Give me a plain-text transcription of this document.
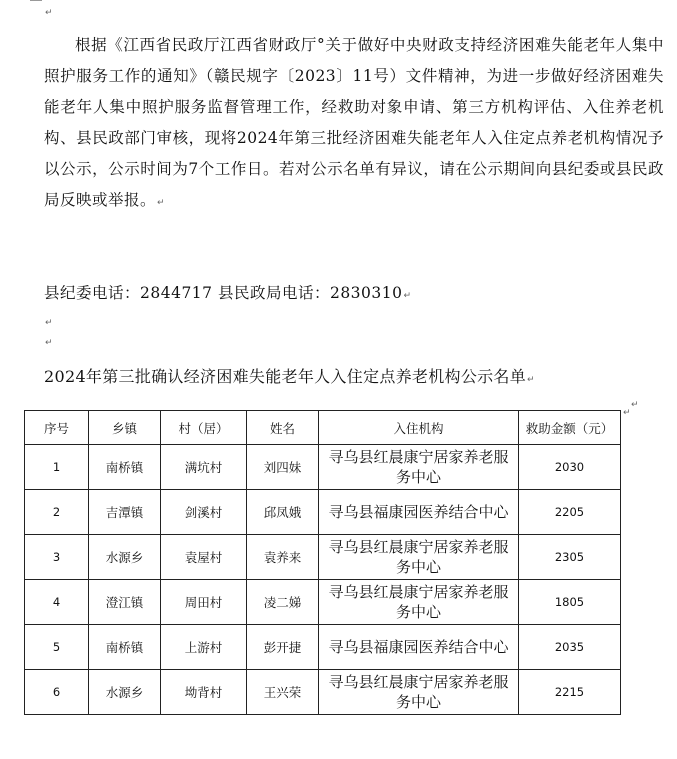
↵
根据《江西省民政厅江西省财政厅°关于做好中央财政支持经济困难失能老年人集中照护服务工作的通知》（赣民规字〔2023〕11号）文件精神，为进一步做好经济困难失能老年人集中照护服务监督管理工作，经救助对象申请、第三方机构评估、入住养老机构、县民政部门审核，现将2024年第三批经济困难失能老年人入住定点养老机构情况予以公示，公示时间为7个工作日。若对公示名单有异议，请在公示期间向县纪委或县民政局反映或举报。↵
县纪委电话：2844717 县民政局电话：2830310↵
↵
↵
2024年第三批确认经济困难失能老年人入住定点养老机构公示名单↵
↵
序号	乡镇	村（居）	姓名	入住机构	救助金额（元）
1	南桥镇	满坑村	刘四妹	寻乌县红晨康宁居家养老服务中心	2030
2	吉潭镇	剑溪村	邱凤娥	寻乌县福康园医养结合中心	2205
3	水源乡	袁屋村	袁养来	寻乌县红晨康宁居家养老服务中心	2305
4	澄江镇	周田村	凌二娣	寻乌县红晨康宁居家养老服务中心	1805
5	南桥镇	上游村	彭开捷	寻乌县福康园医养结合中心	2035
6	水源乡	坳背村	王兴荣	寻乌县红晨康宁居家养老服务中心	2215
↵
